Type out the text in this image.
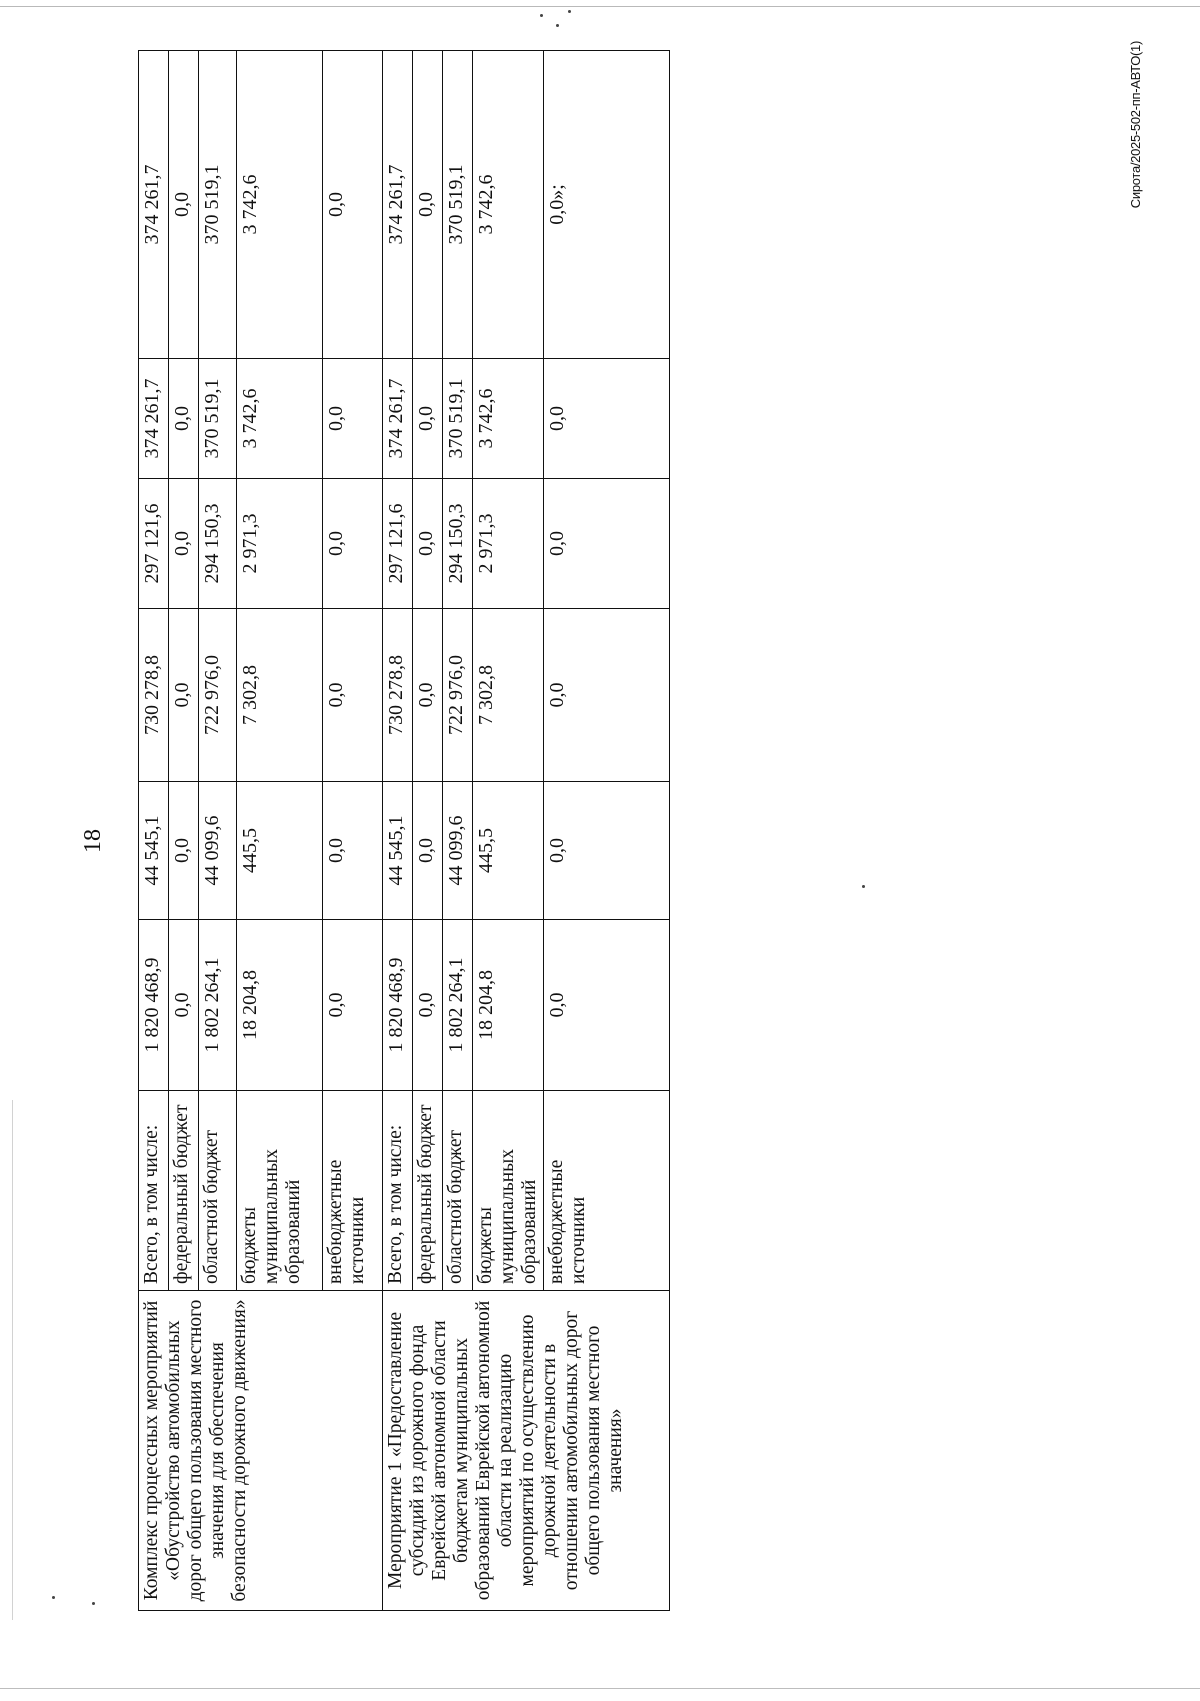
18
Комплекс процессных мероприятий «Обустройство автомобильных дорог общего пользования местного значения для обеспечения безопасности дорожного движения»	Всего, в том числе:	1 820 468,9	44 545,1	730 278,8	297 121,6	374 261,7	374 261,7
	федеральный бюджет	0,0	0,0	0,0	0,0	0,0	0,0
	областной бюджет	1 802 264,1	44 099,6	722 976,0	294 150,3	370 519,1	370 519,1
	бюджеты муниципальных образований	18 204,8	445,5	7 302,8	2 971,3	3 742,6	3 742,6
	внебюджетные источники	0,0	0,0	0,0	0,0	0,0	0,0
Мероприятие 1 «Предоставление субсидий из дорожного фонда Еврейской автономной области бюджетам муниципальных образований Еврейской автономной области на реализацию мероприятий по осуществлению дорожной деятельности в отношении автомобильных дорог общего пользования местного значения»	Всего, в том числе:	1 820 468,9	44 545,1	730 278,8	297 121,6	374 261,7	374 261,7
	федеральный бюджет	0,0	0,0	0,0	0,0	0,0	0,0
	областной бюджет	1 802 264,1	44 099,6	722 976,0	294 150,3	370 519,1	370 519,1
	бюджеты муниципальных образований	18 204,8	445,5	7 302,8	2 971,3	3 742,6	3 742,6
	внебюджетные источники	0,0	0,0	0,0	0,0	0,0	0,0»;	Сирота/2025-502-пп-АВТО(1)
